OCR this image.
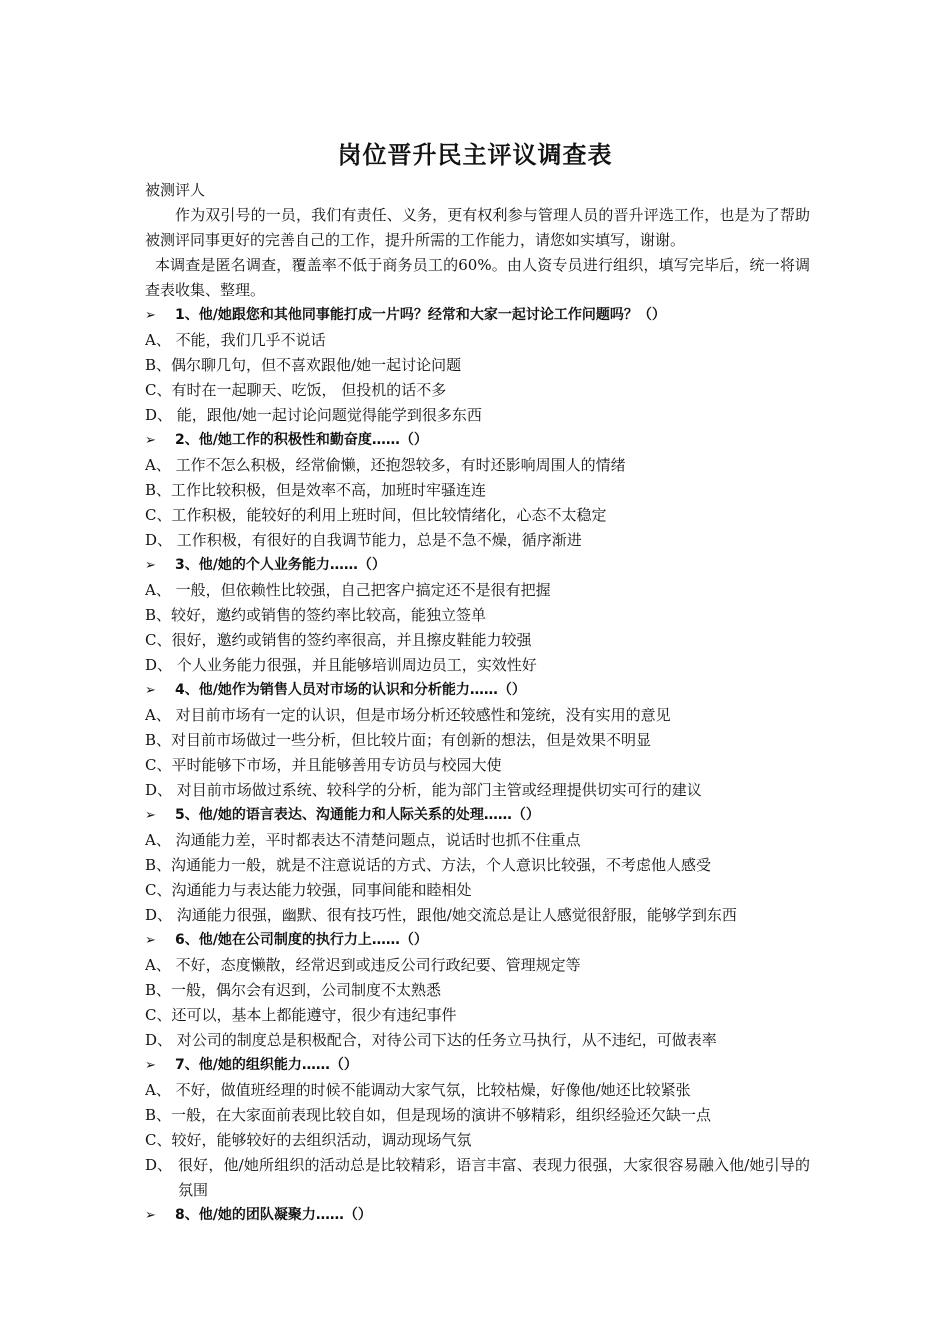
岗位晋升民主评议调查表
被测评人
作为双引号的一员，我们有责任、义务，更有权利参与管理人员的晋升评选工作，也是为了帮助被测评同事更好的完善自己的工作，提升所需的工作能力，请您如实填写，谢谢。
本调查是匿名调查，覆盖率不低于商务员工的60%。由人资专员进行组织，填写完毕后，统一将调查表收集、整理。
➢ 1、他/她跟您和其他同事能打成一片吗？经常和大家一起讨论工作问题吗？（）
A、 不能，我们几乎不说话
B、偶尔聊几句，但不喜欢跟他/她一起讨论问题
C、有时在一起聊天、吃饭， 但投机的话不多
D、 能，跟他/她一起讨论问题觉得能学到很多东西
➢ 2、他/她工作的积极性和勤奋度……（）
A、 工作不怎么积极，经常偷懒，还抱怨较多，有时还影响周围人的情绪
B、工作比较积极，但是效率不高，加班时牢骚连连
C、工作积极，能较好的利用上班时间，但比较情绪化，心态不太稳定
D、 工作积极，有很好的自我调节能力，总是不急不燥，循序渐进
➢ 3、他/她的个人业务能力……（）
A、 一般，但依赖性比较强，自己把客户搞定还不是很有把握
B、较好，邀约或销售的签约率比较高，能独立签单
C、很好，邀约或销售的签约率很高，并且擦皮鞋能力较强
D、 个人业务能力很强，并且能够培训周边员工，实效性好
➢ 4、他/她作为销售人员对市场的认识和分析能力……（）
A、 对目前市场有一定的认识，但是市场分析还较感性和笼统，没有实用的意见
B、对目前市场做过一些分析，但比较片面；有创新的想法，但是效果不明显
C、平时能够下市场，并且能够善用专访员与校园大使
D、 对目前市场做过系统、较科学的分析，能为部门主管或经理提供切实可行的建议
➢ 5、他/她的语言表达、沟通能力和人际关系的处理……（）
A、 沟通能力差，平时都表达不清楚问题点，说话时也抓不住重点
B、沟通能力一般，就是不注意说话的方式、方法，个人意识比较强，不考虑他人感受
C、沟通能力与表达能力较强，同事间能和睦相处
D、 沟通能力很强，幽默、很有技巧性，跟他/她交流总是让人感觉很舒服，能够学到东西
➢ 6、他/她在公司制度的执行力上……（）
A、 不好，态度懒散，经常迟到或违反公司行政纪要、管理规定等
B、一般，偶尔会有迟到，公司制度不太熟悉
C、还可以，基本上都能遵守，很少有违纪事件
D、 对公司的制度总是积极配合，对待公司下达的任务立马执行，从不违纪，可做表率
➢ 7、他/她的组织能力……（）
A、 不好，做值班经理的时候不能调动大家气氛，比较枯燥，好像他/她还比较紧张
B、一般，在大家面前表现比较自如，但是现场的演讲不够精彩，组织经验还欠缺一点
C、较好，能够较好的去组织活动，调动现场气氛
D、 很好，他/她所组织的活动总是比较精彩，语言丰富、表现力很强，大家很容易融入他/她引导的氛围
➢ 8、他/她的团队凝聚力……（）
